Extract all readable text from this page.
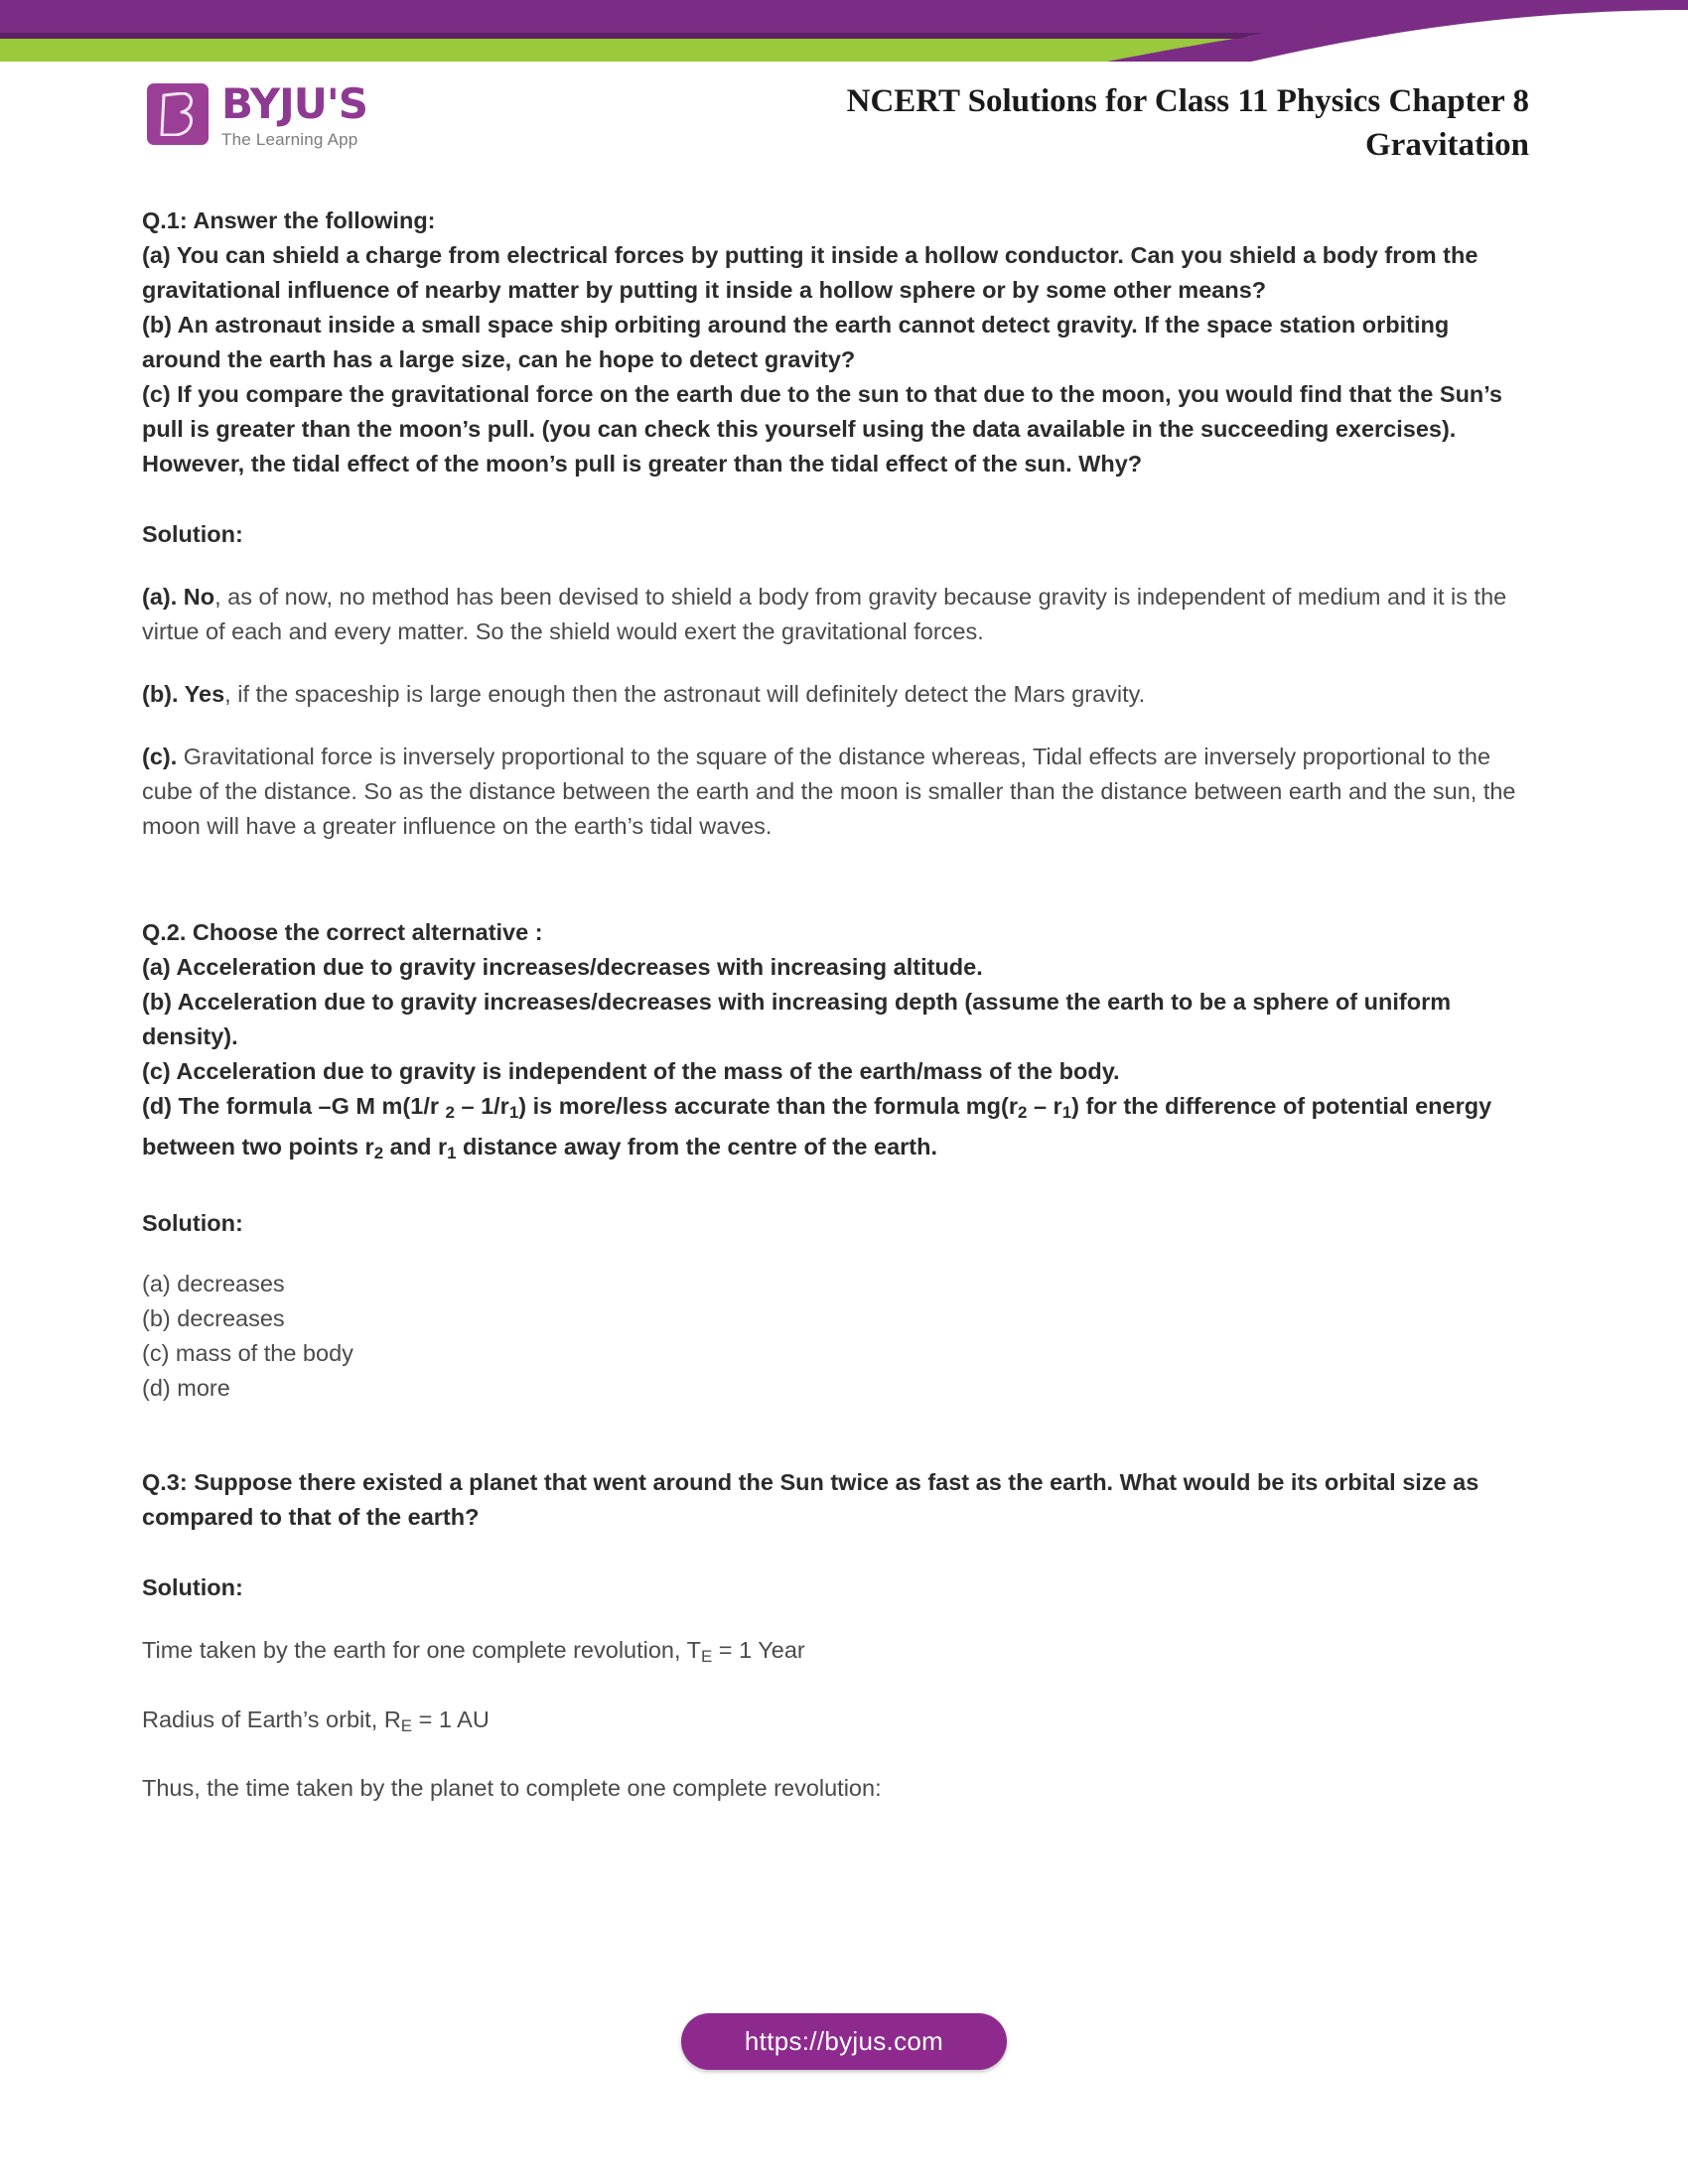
BYJU'S
The Learning App
NCERT Solutions for Class 11 Physics Chapter 8
Gravitation
Q.1: Answer the following:
(a) You can shield a charge from electrical forces by putting it inside a hollow conductor. Can you shield a body from the gravitational influence of nearby matter by putting it inside a hollow sphere or by some other means?
(b) An astronaut inside a small space ship orbiting around the earth cannot detect gravity. If the space station orbiting around the earth has a large size, can he hope to detect gravity?
(c) If you compare the gravitational force on the earth due to the sun to that due to the moon, you would find that the Sun’s pull is greater than the moon’s pull. (you can check this yourself using the data available in the succeeding exercises). However, the tidal effect of the moon’s pull is greater than the tidal effect of the sun. Why?
Solution:
(a). No, as of now, no method has been devised to shield a body from gravity because gravity is independent of medium and it is the virtue of each and every matter. So the shield would exert the gravitational forces.
(b). Yes, if the spaceship is large enough then the astronaut will definitely detect the Mars gravity.
(c). Gravitational force is inversely proportional to the square of the distance whereas, Tidal effects are inversely proportional to the cube of the distance. So as the distance between the earth and the moon is smaller than the distance between earth and the sun, the moon will have a greater influence on the earth’s tidal waves.
Q.2. Choose the correct alternative :
(a) Acceleration due to gravity increases/decreases with increasing altitude.
(b) Acceleration due to gravity increases/decreases with increasing depth (assume the earth to be a sphere of uniform density).
(c) Acceleration due to gravity is independent of the mass of the earth/mass of the body.
(d) The formula –G M m(1/r $_2 - 1/r_1$) is more/less accurate than the formula $mg(r_2 - r_1)$ for the difference of potential energy between two points $r_2$ and $r_1$ distance away from the centre of the earth.
Solution:
(a) decreases
(b) decreases
(c) mass of the body
(d) more
Q.3: Suppose there existed a planet that went around the Sun twice as fast as the earth. What would be its orbital size as compared to that of the earth?
Solution:
Time taken by the earth for one complete revolution, $T_E = 1$ Year
Radius of Earth’s orbit, $R_E = 1$ AU
Thus, the time taken by the planet to complete one complete revolution:
https://byjus.com
